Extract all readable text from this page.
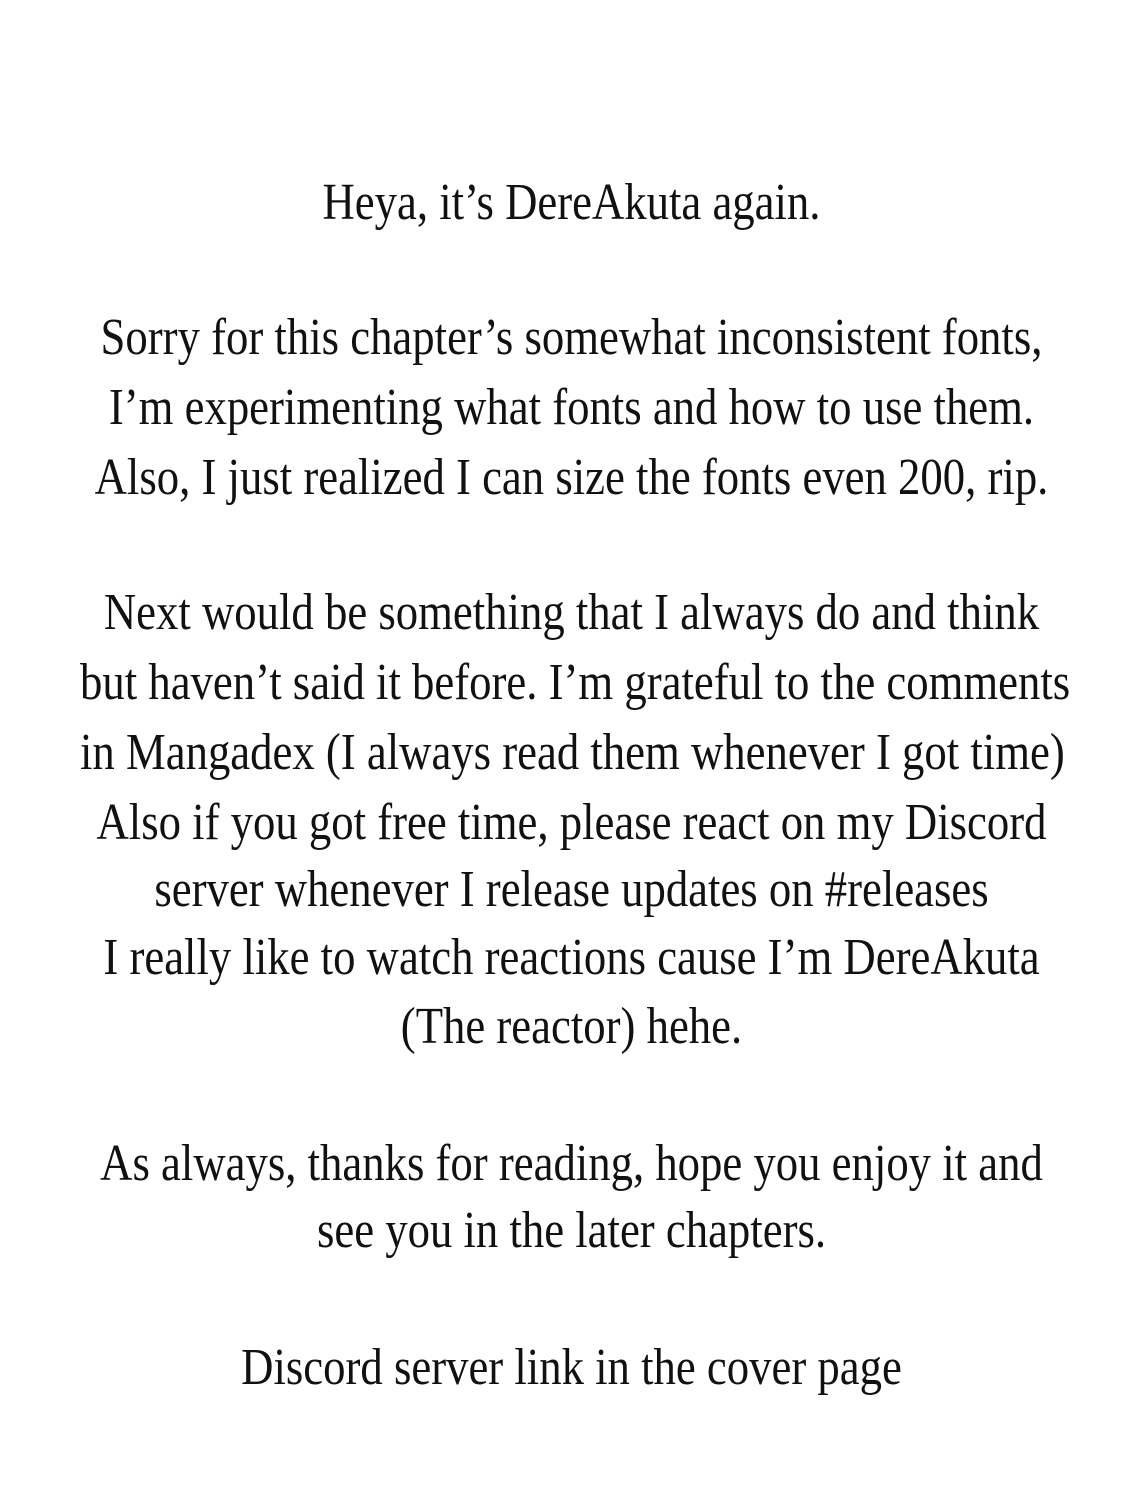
Heya, it’s DereAkuta again.
Sorry for this chapter’s somewhat inconsistent fonts,
I’m experimenting what fonts and how to use them.
Also, I just realized I can size the fonts even 200, rip.
Next would be something that I always do and think
but haven’t said it before. I’m grateful to the comments
in Mangadex (I always read them whenever I got time)
Also if you got free time, please react on my Discord
server whenever I release updates on #releases
I really like to watch reactions cause I’m DereAkuta
(The reactor) hehe.
As always, thanks for reading, hope you enjoy it and
see you in the later chapters.
Discord server link in the cover page
